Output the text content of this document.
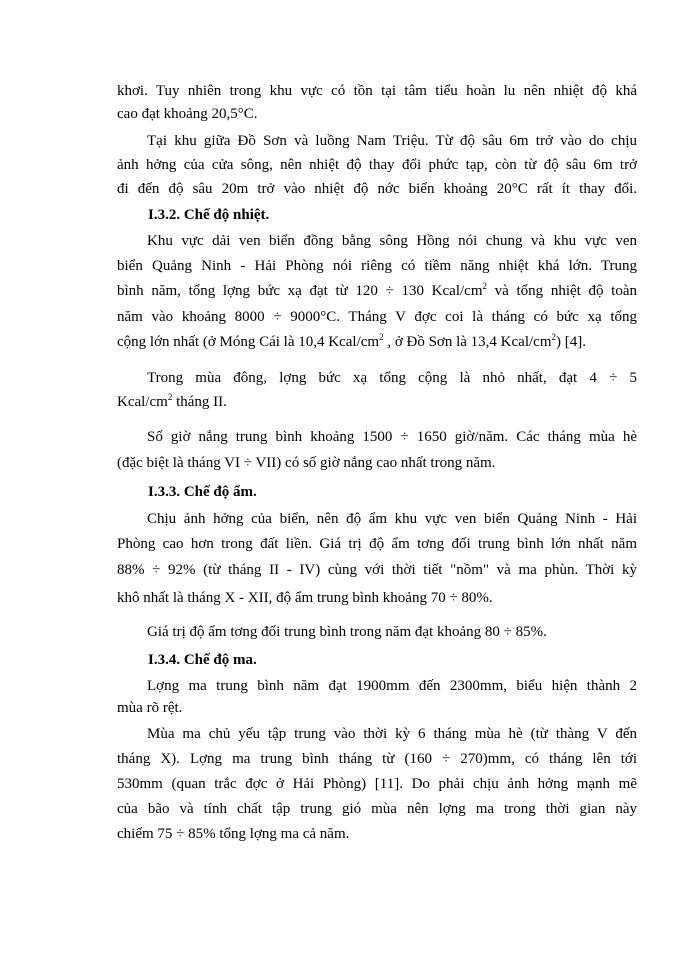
khơi. Tuy nhiên trong khu vực có tồn tại tâm tiểu hoàn lu nên nhiệt độ khá
cao đạt khoảng 20,5°C.
Tại khu giữa Đồ Sơn và luồng Nam Triệu. Từ độ sâu 6m trở vào do chịu
ảnh hởng của cửa sông, nên nhiệt độ thay đổi phức tạp, còn từ độ sâu 6m trở
đi đến độ sâu 20m trở vào nhiệt độ nớc biển khoảng 20°C rất ít thay đổi.
I.3.2. Chế độ nhiệt.
Khu vực dải ven biển đồng bằng sông Hồng nói chung và khu vực ven
biển Quảng Ninh - Hải Phòng nói riêng có tiềm năng nhiệt khá lớn. Trung
bình năm, tổng lợng bức xạ đạt từ 120 ÷ 130 Kcal/$cm^2$ và tổng nhiệt độ toàn
năm vào khoảng 8000 ÷ 9000°C. Tháng V đợc coi là tháng có bức xạ tổng
cộng lớn nhất (ở Móng Cái là 10,4 Kcal/$cm^2$ , ở Đồ Sơn là 13,4 Kcal/$cm^2$) [4].
Trong mùa đông, lợng bức xạ tổng cộng là nhỏ nhất, đạt 4 ÷ 5
Kcal/$cm^2$ tháng II.
Số giờ nắng trung bình khoảng 1500 ÷ 1650 giờ/năm. Các tháng mùa hè
(đặc biệt là tháng VI ÷ VII) có số giờ nắng cao nhất trong năm.
I.3.3. Chế độ ẩm.
Chịu ảnh hởng của biển, nên độ ẩm khu vực ven biển Quảng Ninh - Hải
Phòng cao hơn trong đất liền. Giá trị độ ẩm tơng đối trung bình lớn nhất năm
88% ÷ 92% (từ tháng II - IV) cùng với thời tiết "nồm" và ma phùn. Thời kỳ
khô nhất là tháng X - XII, độ ẩm trung bình khoảng 70 ÷ 80%.
Giá trị độ ẩm tơng đối trung bình trong năm đạt khoảng 80 ÷ 85%.
I.3.4. Chế độ ma.
Lợng ma trung bình năm đạt 1900mm đến 2300mm, biểu hiện thành 2
mùa rõ rệt.
Mùa ma chủ yếu tập trung vào thời kỳ 6 tháng mùa hè (từ thàng V đến
tháng X). Lợng ma trung bình tháng từ (160 ÷ 270)mm, có tháng lên tới
530mm (quan trắc đợc ở Hải Phòng) [11]. Do phải chịu ảnh hởng mạnh mẽ
của bão và tính chất tập trung gió mùa nên lợng ma trong thời gian này
chiếm 75 ÷ 85% tổng lợng ma cả năm.
